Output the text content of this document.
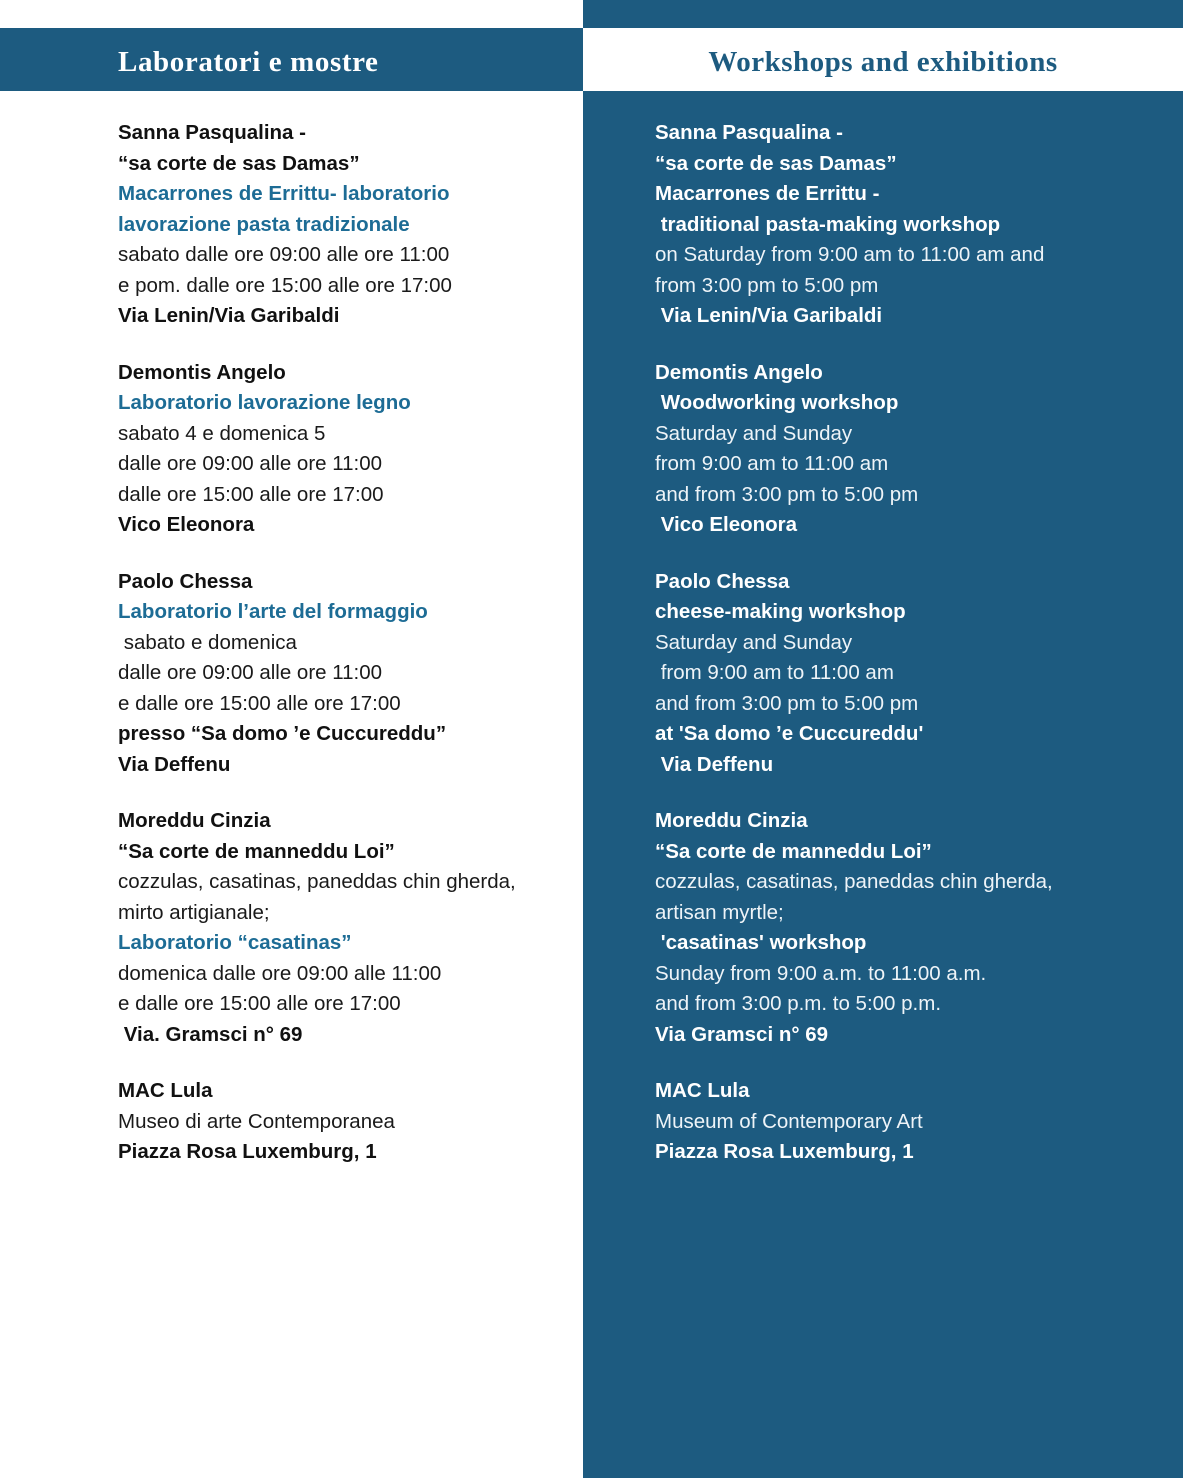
Laboratori e mostre	Workshops and exhibitions
Sanna Pasqualina -
“sa corte de sas Damas”
Macarrones de Errittu- laboratorio
lavorazione pasta tradizionale
sabato dalle ore 09:00 alle ore 11:00
e pom. dalle ore 15:00 alle ore 17:00
Via Lenin/Via Garibaldi
Demontis Angelo
Laboratorio lavorazione legno
sabato 4 e domenica 5
dalle ore 09:00 alle ore 11:00
dalle ore 15:00 alle ore 17:00
Vico Eleonora
Paolo Chessa
Laboratorio l’arte del formaggio
sabato e domenica
dalle ore 09:00 alle ore 11:00
e dalle ore 15:00 alle ore 17:00
presso “Sa domo ’e Cuccureddu”
Via Deffenu
Moreddu Cinzia
“Sa corte de manneddu Loi”
cozzulas, casatinas, paneddas chin gherda,
mirto artigianale;
Laboratorio “casatinas”
domenica dalle ore 09:00 alle 11:00
e dalle ore 15:00 alle ore 17:00
Via. Gramsci n° 69
MAC Lula
Museo di arte Contemporanea
Piazza Rosa Luxemburg, 1
Sanna Pasqualina -
“sa corte de sas Damas”
Macarrones de Errittu -
traditional pasta-making workshop
on Saturday from 9:00 am to 11:00 am and
from 3:00 pm to 5:00 pm
Via Lenin/Via Garibaldi
Demontis Angelo
Woodworking workshop
Saturday and Sunday
from 9:00 am to 11:00 am
and from 3:00 pm to 5:00 pm
Vico Eleonora
Paolo Chessa
cheese-making workshop
Saturday and Sunday
from 9:00 am to 11:00 am
and from 3:00 pm to 5:00 pm
at 'Sa domo ’e Cuccureddu'
Via Deffenu
Moreddu Cinzia
“Sa corte de manneddu Loi”
cozzulas, casatinas, paneddas chin gherda,
artisan myrtle;
'casatinas' workshop
Sunday from 9:00 a.m. to 11:00 a.m.
and from 3:00 p.m. to 5:00 p.m.
Via Gramsci n° 69
MAC Lula
Museum of Contemporary Art
Piazza Rosa Luxemburg, 1
